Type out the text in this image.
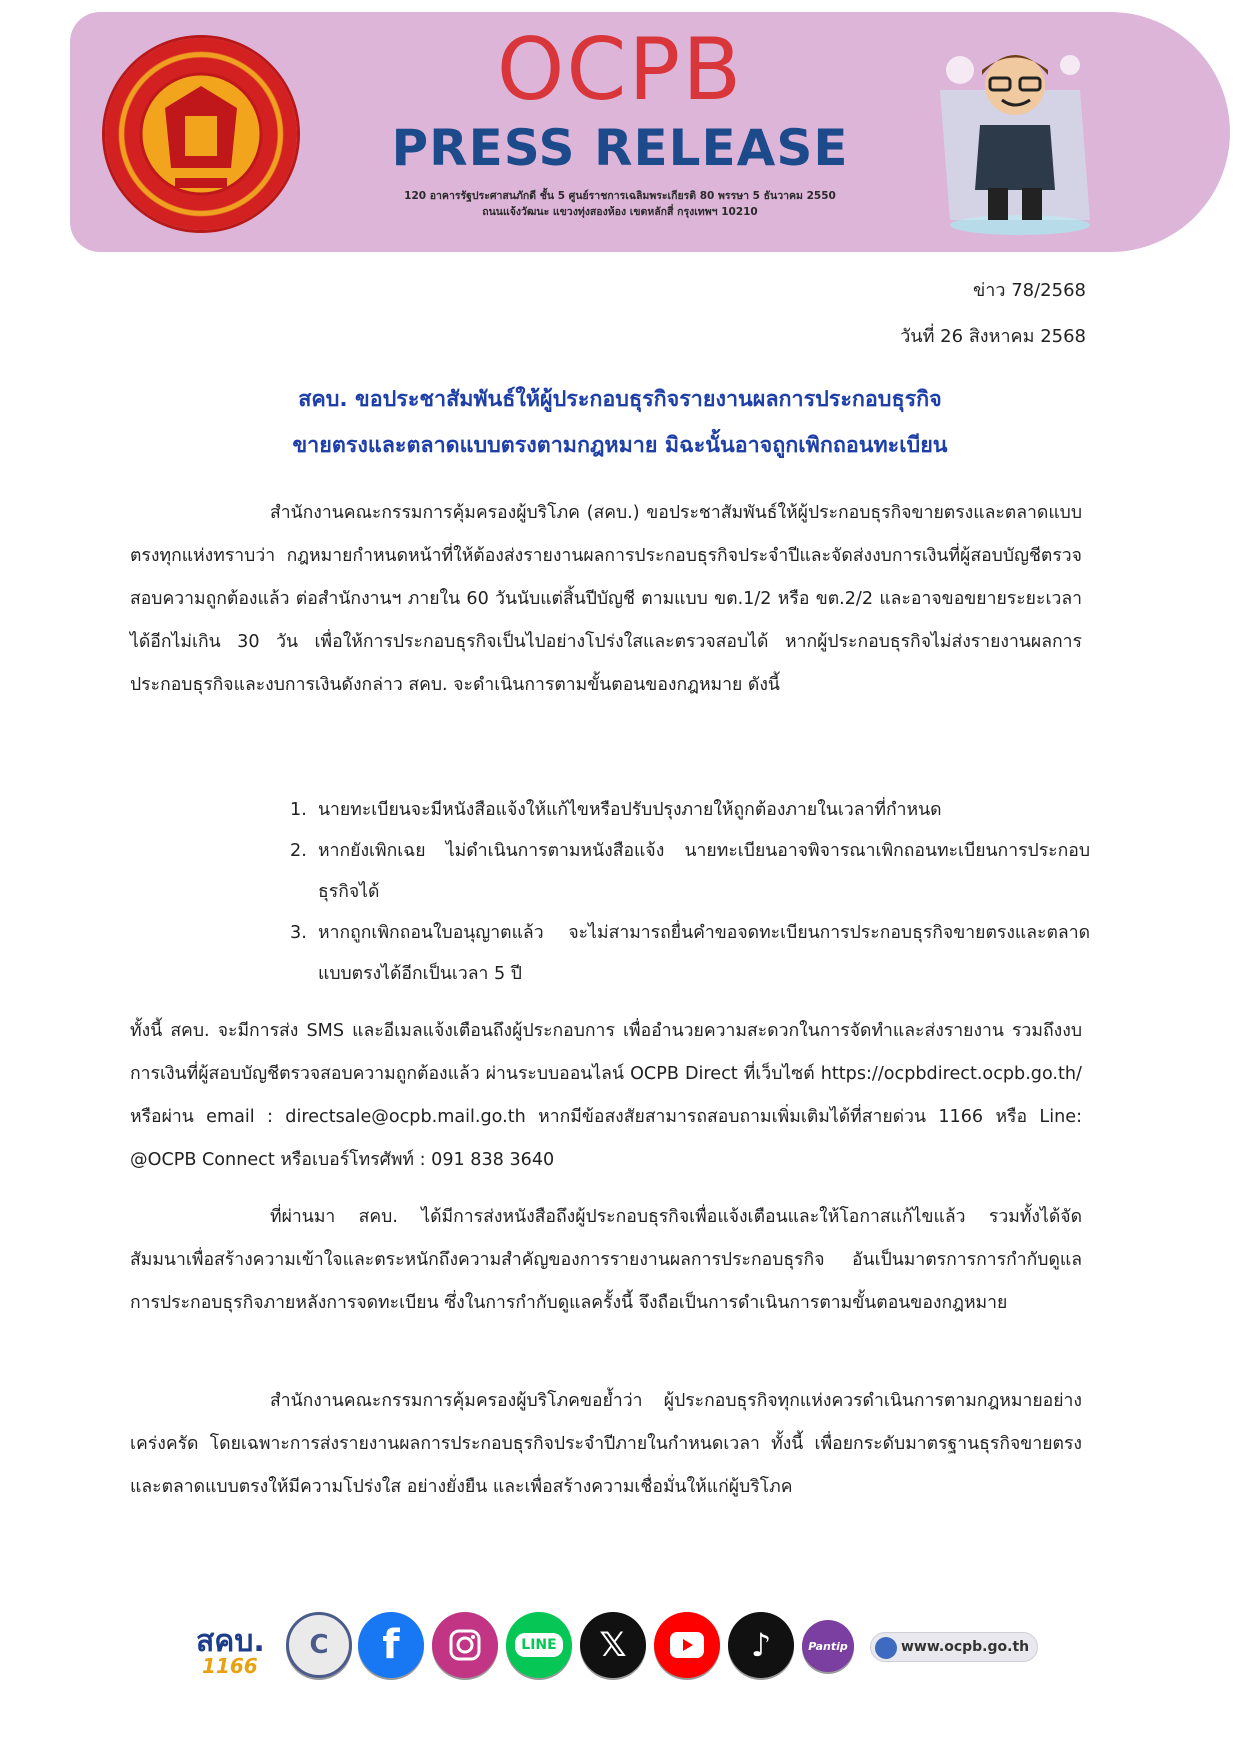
OCPB
PRESS RELEASE
120 อาคารรัฐประศาสนภักดี ชั้น 5 ศูนย์ราชการเฉลิมพระเกียรติ 80 พรรษา 5 ธันวาคม 2550
ถนนแจ้งวัฒนะ แขวงทุ่งสองห้อง เขตหลักสี่ กรุงเทพฯ 10210
ข่าว 78/2568
วันที่ 26 สิงหาคม 2568
สคบ. ขอประชาสัมพันธ์ให้ผู้ประกอบธุรกิจรายงานผลการประกอบธุรกิจ
ขายตรงและตลาดแบบตรงตามกฎหมาย มิฉะนั้นอาจถูกเพิกถอนทะเบียน
สำนักงานคณะกรรมการคุ้มครองผู้บริโภค (สคบ.) ขอประชาสัมพันธ์ให้ผู้ประกอบธุรกิจขายตรงและตลาดแบบตรงทุกแห่งทราบว่า กฎหมายกำหนดหน้าที่ให้ต้องส่งรายงานผลการประกอบธุรกิจประจำปีและจัดส่งงบการเงินที่ผู้สอบบัญชีตรวจสอบความถูกต้องแล้ว ต่อสำนักงานฯ ภายใน 60 วันนับแต่สิ้นปีบัญชี ตามแบบ ขต.1/2 หรือ ขต.2/2 และอาจขอขยายระยะเวลาได้อีกไม่เกิน 30 วัน เพื่อให้การประกอบธุรกิจเป็นไปอย่างโปร่งใสและตรวจสอบได้ หากผู้ประกอบธุรกิจไม่ส่งรายงานผลการประกอบธุรกิจและงบการเงินดังกล่าว สคบ. จะดำเนินการตามขั้นตอนของกฎหมาย ดังนี้
1. นายทะเบียนจะมีหนังสือแจ้งให้แก้ไขหรือปรับปรุงภายให้ถูกต้องภายในเวลาที่กำหนด
2. หากยังเพิกเฉย ไม่ดำเนินการตามหนังสือแจ้ง นายทะเบียนอาจพิจารณาเพิกถอนทะเบียนการประกอบธุรกิจได้
3. หากถูกเพิกถอนใบอนุญาตแล้ว จะไม่สามารถยื่นคำขอจดทะเบียนการประกอบธุรกิจขายตรงและตลาดแบบตรงได้อีกเป็นเวลา 5 ปี
ทั้งนี้ สคบ. จะมีการส่ง SMS และอีเมลแจ้งเตือนถึงผู้ประกอบการ เพื่ออำนวยความสะดวกในการจัดทำและส่งรายงาน รวมถึงงบการเงินที่ผู้สอบบัญชีตรวจสอบความถูกต้องแล้ว ผ่านระบบออนไลน์ OCPB Direct ที่เว็บไซต์ https://ocpbdirect.ocpb.go.th/ หรือผ่าน email : directsale@ocpb.mail.go.th หากมีข้อสงสัยสามารถสอบถามเพิ่มเติมได้ที่สายด่วน 1166 หรือ Line: @OCPB Connect หรือเบอร์โทรศัพท์ : 091 838 3640
ที่ผ่านมา สคบ. ได้มีการส่งหนังสือถึงผู้ประกอบธุรกิจเพื่อแจ้งเตือนและให้โอกาสแก้ไขแล้ว รวมทั้งได้จัดสัมมนาเพื่อสร้างความเข้าใจและตระหนักถึงความสำคัญของการรายงานผลการประกอบธุรกิจ อันเป็นมาตรการการกำกับดูแลการประกอบธุรกิจภายหลังการจดทะเบียน ซึ่งในการกำกับดูแลครั้งนี้ จึงถือเป็นการดำเนินการตามขั้นตอนของกฎหมาย
สำนักงานคณะกรรมการคุ้มครองผู้บริโภคขอย้ำว่า ผู้ประกอบธุรกิจทุกแห่งควรดำเนินการตามกฎหมายอย่างเคร่งครัด โดยเฉพาะการส่งรายงานผลการประกอบธุรกิจประจำปีภายในกำหนดเวลา ทั้งนี้ เพื่อยกระดับมาตรฐานธุรกิจขายตรงและตลาดแบบตรงให้มีความโปร่งใส อย่างยั่งยืน และเพื่อสร้างความเชื่อมั่นให้แก่ผู้บริโภค
สคบ.
1166
C	f	LINE	𝕏	♪	Pantip	www.ocpb.go.th
